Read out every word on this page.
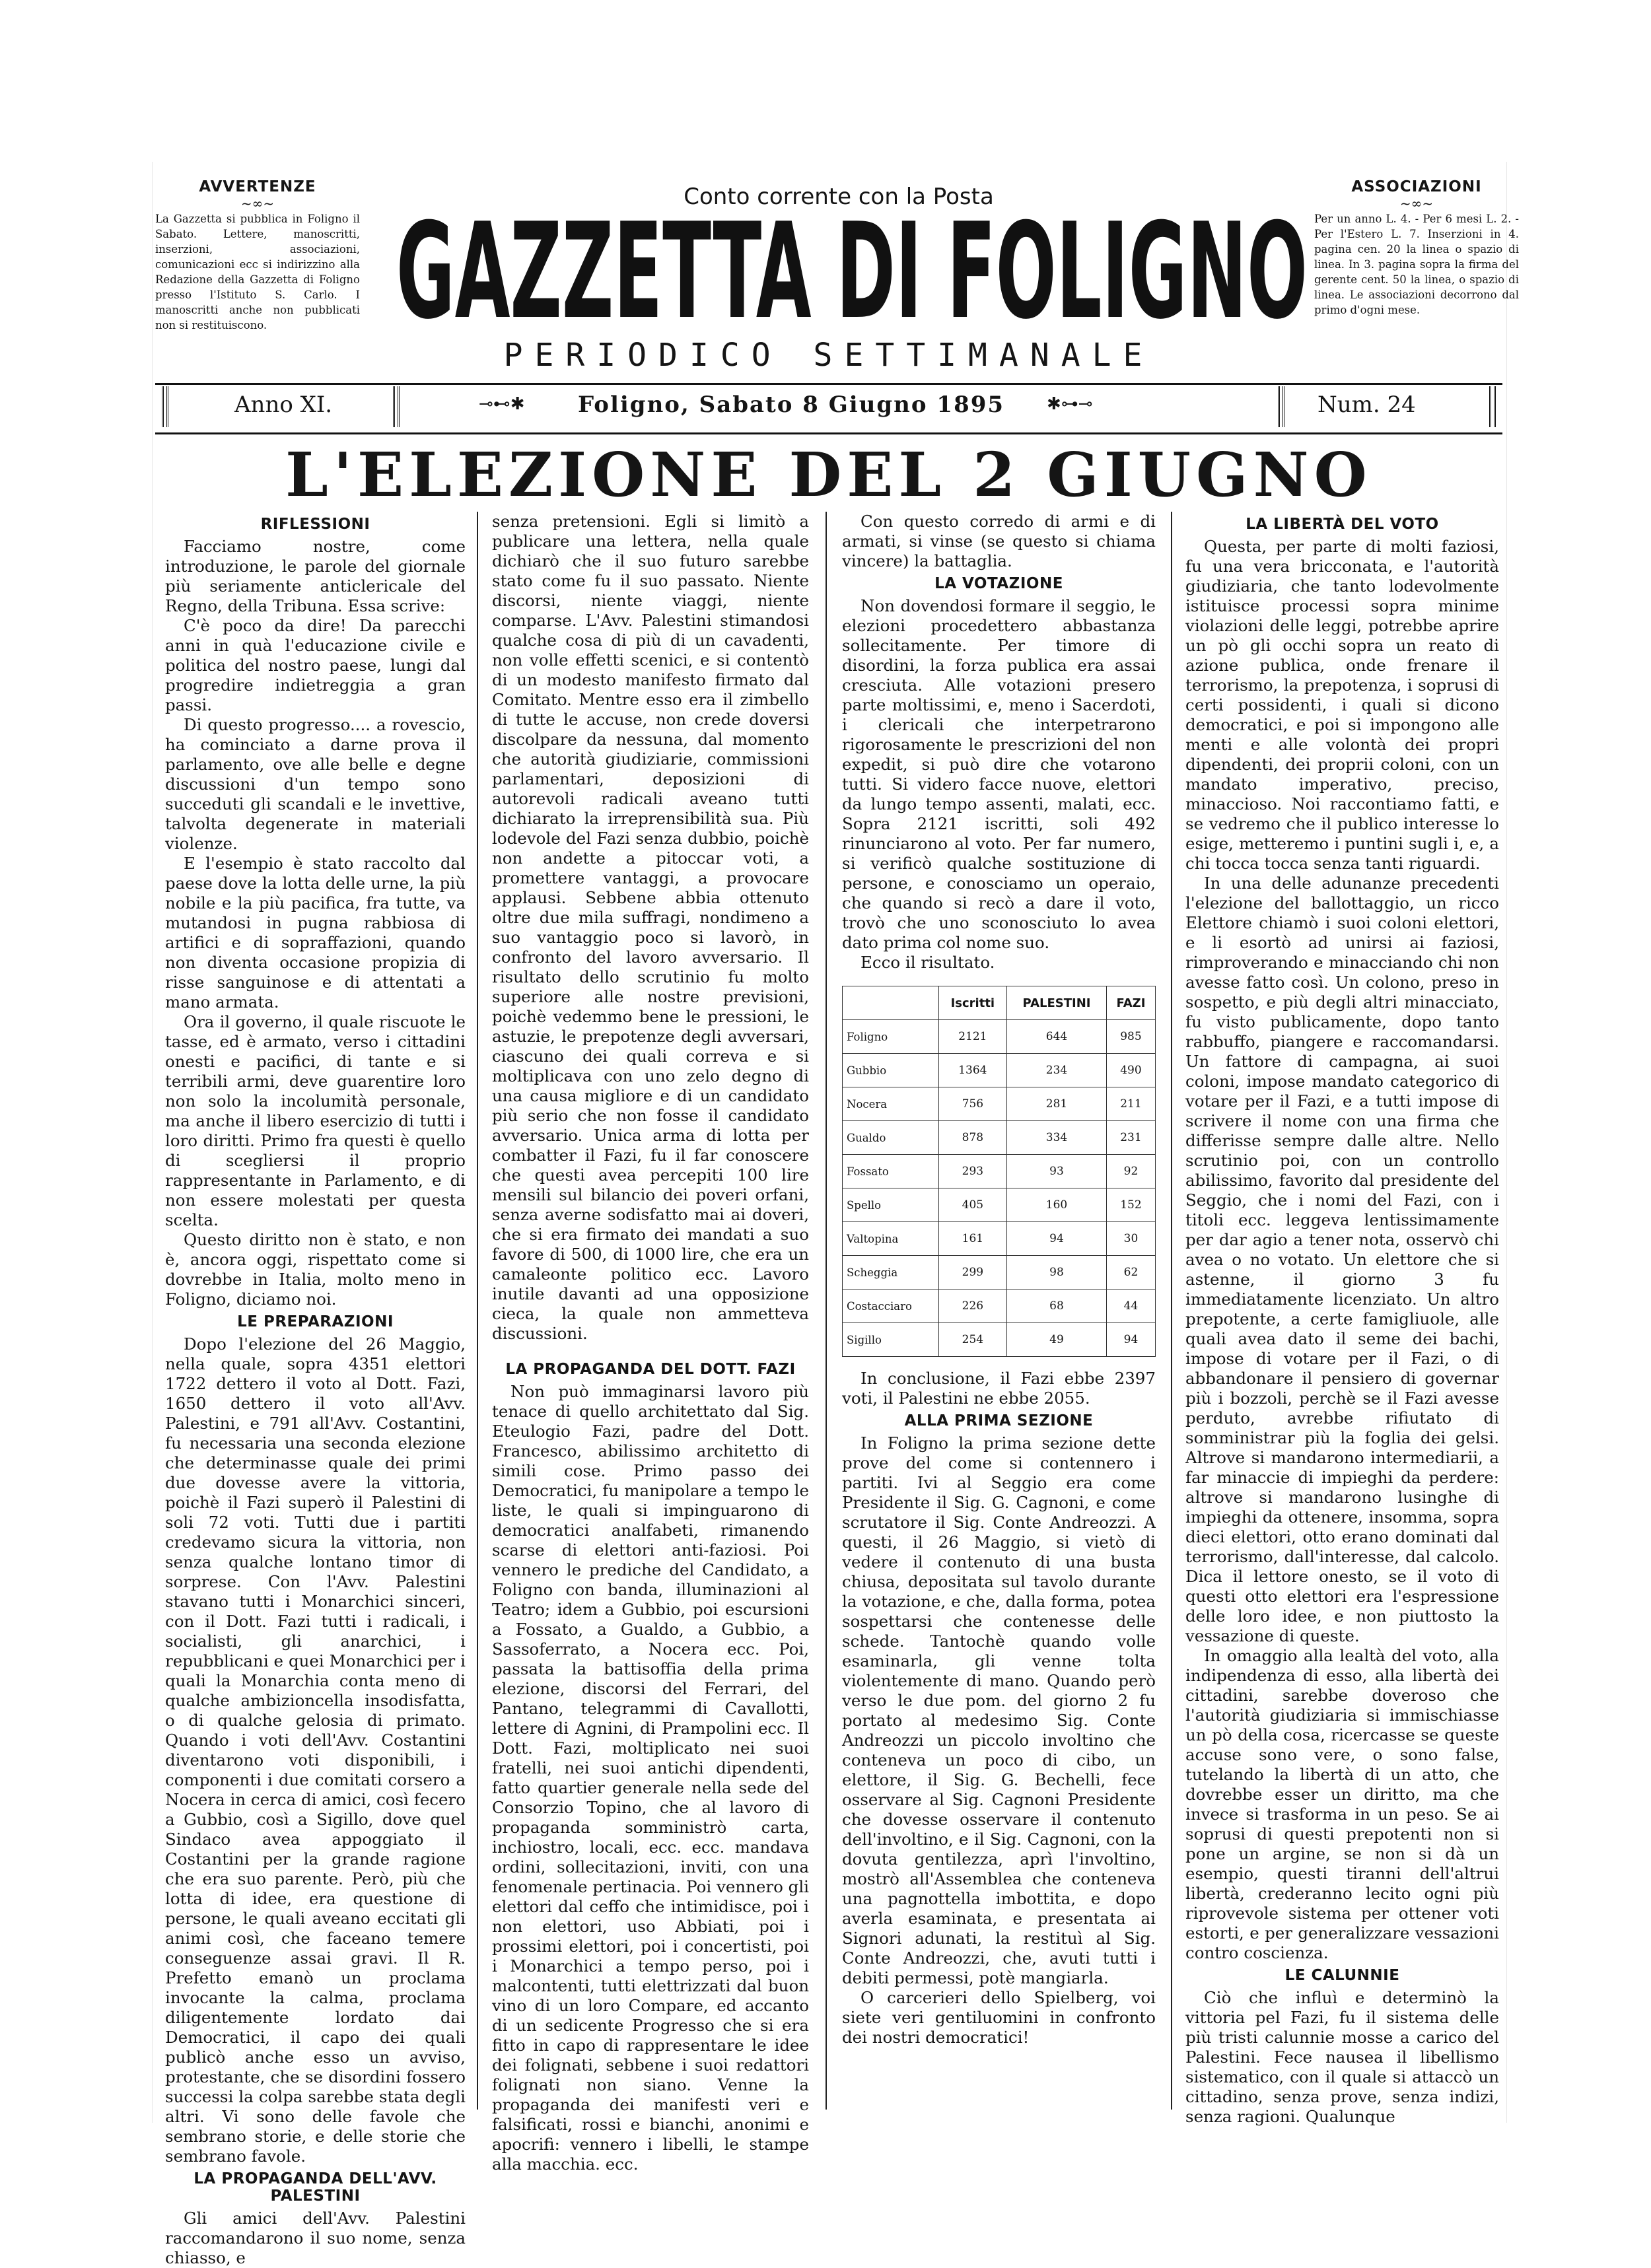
AVVERTENZE
~∞~

La Gazzetta si pubblica in Foligno il Sabato. Lettere, manoscritti, inserzioni, associazioni, comunicazioni ecc si indirizzino alla Redazione della Gazzetta di Foligno presso l'Istituto S. Carlo. I manoscritti anche non pubblicati non si restituiscono.

ASSOCIAZIONI
~∞~

Per un anno L. 4. - Per 6 mesi L. 2. - Per l'Estero L. 7. Inserzioni in 4. pagina cen. 20 la linea o spazio di linea. In 3. pagina sopra la firma del gerente cent. 50 la linea, o spazio di linea. Le associazioni decorrono dal primo d'ogni mese.

Conto corrente con la Posta
GAZZETTA DI FOLIGNO
PERIODICO SETTIMANALE
Anno XI.	⊸⊷✱ Foligno, Sabato 8 Giugno 1895 ✱⊶⊸	Num. 24
L'ELEZIONE DEL 2 GIUGNO
RIFLESSIONI

Facciamo nostre, come introduzione, le parole del giornale più seriamente anticlericale del Regno, della Tribuna. Essa scrive:

C'è poco da dire! Da parecchi anni in quà l'educazione civile e politica del nostro paese, lungi dal progredire indietreggia a gran passi.

Di questo progresso.... a rovescio, ha cominciato a darne prova il parlamento, ove alle belle e degne discussioni d'un tempo sono succeduti gli scandali e le invettive, talvolta degenerate in materiali violenze.

E l'esempio è stato raccolto dal paese dove la lotta delle urne, la più nobile e la più pacifica, fra tutte, va mutandosi in pugna rabbiosa di artifici e di sopraffazioni, quando non diventa occasione propizia di risse sanguinose e di attentati a mano armata.

Ora il governo, il quale riscuote le tasse, ed è armato, verso i cittadini onesti e pacifici, di tante e si terribili armi, deve guarentire loro non solo la incolumità personale, ma anche il libero esercizio di tutti i loro diritti. Primo fra questi è quello di scegliersi il proprio rappresentante in Parlamento, e di non essere molestati per questa scelta.

Questo diritto non è stato, e non è, ancora oggi, rispettato come si dovrebbe in Italia, molto meno in Foligno, diciamo noi.

LE PREPARAZIONI

Dopo l'elezione del 26 Maggio, nella quale, sopra 4351 elettori 1722 dettero il voto al Dott. Fazi, 1650 dettero il voto all'Avv. Palestini, e 791 all'Avv. Costantini, fu necessaria una seconda elezione che determinasse quale dei primi due dovesse avere la vittoria, poichè il Fazi superò il Palestini di soli 72 voti. Tutti due i partiti credevamo sicura la vittoria, non senza qualche lontano timor di sorprese. Con l'Avv. Palestini stavano tutti i Monarchici sinceri, con il Dott. Fazi tutti i radicali, i socialisti, gli anarchici, i repubblicani e quei Monarchici per i quali la Monarchia conta meno di qualche ambizioncella insodisfatta, o di qualche gelosia di primato. Quando i voti dell'Avv. Costantini diventarono voti disponibili, i componenti i due comitati corsero a Nocera in cerca di amici, così fecero a Gubbio, così a Sigillo, dove quel Sindaco avea appoggiato il Costantini per la grande ragione che era suo parente. Però, più che lotta di idee, era questione di persone, le quali aveano eccitati gli animi così, che faceano temere conseguenze assai gravi. Il R. Prefetto emanò un proclama invocante la calma, proclama diligentemente lordato dai Democratici, il capo dei quali publicò anche esso un avviso, protestante, che se disordini fossero successi la colpa sarebbe stata degli altri. Vi sono delle favole che sembrano storie, e delle storie che sembrano favole.

LA PROPAGANDA DELL'AVV. PALESTINI

Gli amici dell'Avv. Palestini raccomandarono il suo nome, senza chiasso, e

senza pretensioni. Egli si limitò a publicare una lettera, nella quale dichiarò che il suo futuro sarebbe stato come fu il suo passato. Niente discorsi, niente viaggi, niente comparse. L'Avv. Palestini stimandosi qualche cosa di più di un cavadenti, non volle effetti scenici, e si contentò di un modesto manifesto firmato dal Comitato. Mentre esso era il zimbello di tutte le accuse, non crede doversi discolpare da nessuna, dal momento che autorità giudiziarie, commissioni parlamentari, deposizioni di autorevoli radicali aveano tutti dichiarato la irreprensibilità sua. Più lodevole del Fazi senza dubbio, poichè non andette a pitoccar voti, a promettere vantaggi, a provocare applausi. Sebbene abbia ottenuto oltre due mila suffragi, nondimeno a suo vantaggio poco si lavorò, in confronto del lavoro avversario. Il risultato dello scrutinio fu molto superiore alle nostre previsioni, poichè vedemmo bene le pressioni, le astuzie, le prepotenze degli avversari, ciascuno dei quali correva e si moltiplicava con uno zelo degno di una causa migliore e di un candidato più serio che non fosse il candidato avversario. Unica arma di lotta per combatter il Fazi, fu il far conoscere che questi avea percepiti 100 lire mensili sul bilancio dei poveri orfani, senza averne sodisfatto mai ai doveri, che si era firmato dei mandati a suo favore di 500, di 1000 lire, che era un camaleonte politico ecc. Lavoro inutile davanti ad una opposizione cieca, la quale non ammetteva discussioni.

LA PROPAGANDA DEL DOTT. FAZI

Non può immaginarsi lavoro più tenace di quello architettato dal Sig. Eteulogio Fazi, padre del Dott. Francesco, abilissimo architetto di simili cose. Primo passo dei Democratici, fu manipolare a tempo le liste, le quali si impinguarono di democratici analfabeti, rimanendo scarse di elettori anti-faziosi. Poi vennero le prediche del Candidato, a Foligno con banda, illuminazioni al Teatro; idem a Gubbio, poi escursioni a Fossato, a Gualdo, a Gubbio, a Sassoferrato, a Nocera ecc. Poi, passata la battisoffia della prima elezione, discorsi del Ferrari, del Pantano, telegrammi di Cavallotti, lettere di Agnini, di Prampolini ecc. Il Dott. Fazi, moltiplicato nei suoi fratelli, nei suoi antichi dipendenti, fatto quartier generale nella sede del Consorzio Topino, che al lavoro di propaganda somministrò carta, inchiostro, locali, ecc. ecc. mandava ordini, sollecitazioni, inviti, con una fenomenale pertinacia. Poi vennero gli elettori dal ceffo che intimidisce, poi i non elettori, uso Abbiati, poi i prossimi elettori, poi i concertisti, poi i Monarchici a tempo perso, poi i malcontenti, tutti elettrizzati dal buon vino di un loro Compare, ed accanto di un sedicente Progresso che si era fitto in capo di rappresentare le idee dei folignati, sebbene i suoi redattori folignati non siano. Venne la propaganda dei manifesti veri e falsificati, rossi e bianchi, anonimi e apocrifi: vennero i libelli, le stampe alla macchia. ecc.

Con questo corredo di armi e di armati, si vinse (se questo si chiama vincere) la battaglia.

LA VOTAZIONE

Non dovendosi formare il seggio, le elezioni procedettero abbastanza sollecitamente. Per timore di disordini, la forza publica era assai cresciuta. Alle votazioni presero parte moltissimi, e, meno i Sacerdoti, i clericali che interpetrarono rigorosamente le prescrizioni del non expedit, si può dire che votarono tutti. Si videro facce nuove, elettori da lungo tempo assenti, malati, ecc. Sopra 2121 iscritti, soli 492 rinunciarono al voto. Per far numero, si verificò qualche sostituzione di persone, e conosciamo un operaio, che quando si recò a dare il voto, trovò che uno sconosciuto lo avea dato prima col nome suo.

Ecco il risultato.

	Iscritti	PALESTINI	FAZI
Foligno	2121	644	985
Gubbio	1364	234	490
Nocera	756	281	211
Gualdo	878	334	231
Fossato	293	93	92
Spello	405	160	152
Valtopina	161	94	30
Scheggia	299	98	62
Costacciaro	226	68	44
Sigillo	254	49	94

In conclusione, il Fazi ebbe 2397 voti, il Palestini ne ebbe 2055.

ALLA PRIMA SEZIONE

In Foligno la prima sezione dette prove del come si contennero i partiti. Ivi al Seggio era come Presidente il Sig. G. Cagnoni, e come scrutatore il Sig. Conte Andreozzi. A questi, il 26 Maggio, si vietò di vedere il contenuto di una busta chiusa, depositata sul tavolo durante la votazione, e che, dalla forma, potea sospettarsi che contenesse delle schede. Tantochè quando volle esaminarla, gli venne tolta violentemente di mano. Quando però verso le due pom. del giorno 2 fu portato al medesimo Sig. Conte Andreozzi un piccolo involtino che conteneva un poco di cibo, un elettore, il Sig. G. Bechelli, fece osservare al Sig. Cagnoni Presidente che dovesse osservare il contenuto dell'involtino, e il Sig. Cagnoni, con la dovuta gentilezza, aprì l'involtino, mostrò all'Assemblea che conteneva una pagnottella imbottita, e dopo averla esaminata, e presentata ai Signori adunati, la restituì al Sig. Conte Andreozzi, che, avuti tutti i debiti permessi, potè mangiarla.

O carcerieri dello Spielberg, voi siete veri gentiluomini in confronto dei nostri democratici!

LA LIBERTÀ DEL VOTO

Questa, per parte di molti faziosi, fu una vera bricconata, e l'autorità giudiziaria, che tanto lodevolmente istituisce processi sopra minime violazioni delle leggi, potrebbe aprire un pò gli occhi sopra un reato di azione publica, onde frenare il terrorismo, la prepotenza, i soprusi di certi possidenti, i quali si dicono democratici, e poi si impongono alle menti e alle volontà dei propri dipendenti, dei proprii coloni, con un mandato imperativo, preciso, minaccioso. Noi raccontiamo fatti, e se vedremo che il publico interesse lo esige, metteremo i puntini sugli i, e, a chi tocca tocca senza tanti riguardi.

In una delle adunanze precedenti l'elezione del ballottaggio, un ricco Elettore chiamò i suoi coloni elettori, e li esortò ad unirsi ai faziosi, rimproverando e minacciando chi non avesse fatto così. Un colono, preso in sospetto, e più degli altri minacciato, fu visto publicamente, dopo tanto rabbuffo, piangere e raccomandarsi. Un fattore di campagna, ai suoi coloni, impose mandato categorico di votare per il Fazi, e a tutti impose di scrivere il nome con una firma che differisse sempre dalle altre. Nello scrutinio poi, con un controllo abilissimo, favorito dal presidente del Seggio, che i nomi del Fazi, con i titoli ecc. leggeva lentissimamente per dar agio a tener nota, osservò chi avea o no votato. Un elettore che si astenne, il giorno 3 fu immediatamente licenziato. Un altro prepotente, a certe famigliuole, alle quali avea dato il seme dei bachi, impose di votare per il Fazi, o di abbandonare il pensiero di governar più i bozzoli, perchè se il Fazi avesse perduto, avrebbe rifiutato di somministrar più la foglia dei gelsi. Altrove si mandarono intermediarii, a far minaccie di impieghi da perdere: altrove si mandarono lusinghe di impieghi da ottenere, insomma, sopra dieci elettori, otto erano dominati dal terrorismo, dall'interesse, dal calcolo. Dica il lettore onesto, se il voto di questi otto elettori era l'espressione delle loro idee, e non piuttosto la vessazione di queste.

In omaggio alla lealtà del voto, alla indipendenza di esso, alla libertà dei cittadini, sarebbe doveroso che l'autorità giudiziaria si immischiasse un pò della cosa, ricercasse se queste accuse sono vere, o sono false, tutelando la libertà di un atto, che dovrebbe esser un diritto, ma che invece si trasforma in un peso. Se ai soprusi di questi prepotenti non si pone un argine, se non si dà un esempio, questi tiranni dell'altrui libertà, crederanno lecito ogni più riprovevole sistema per ottener voti estorti, e per generalizzare vessazioni contro coscienza.

LE CALUNNIE

Ciò che influì e determinò la vittoria pel Fazi, fu il sistema delle più tristi calunnie mosse a carico del Palestini. Fece nausea il libellismo sistematico, con il quale si attaccò un cittadino, senza prove, senza indizi, senza ragioni. Qualunque
